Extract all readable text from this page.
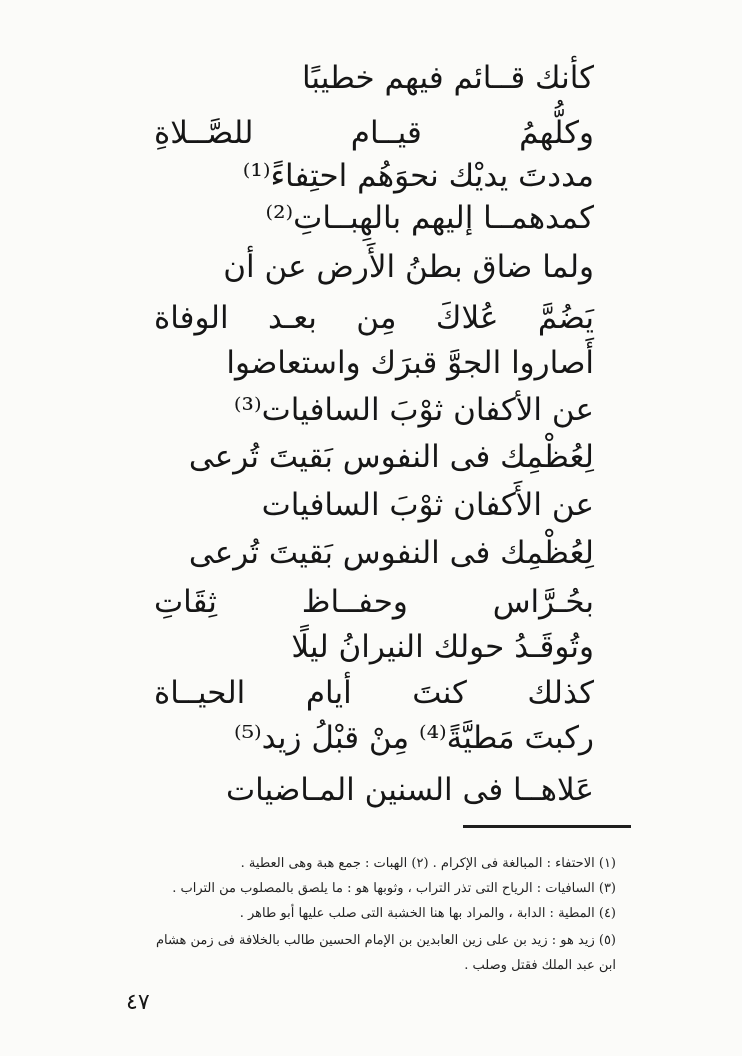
كأنك قــائم فيهم خطيبًا
وكلُّهمُ قيــام للصَّــلاةِ
مددتَ يديْك نحوَهُم احتِفاءً⁽¹⁾
كمدهمــا إليهم بالهِبــاتِ⁽²⁾
ولما ضاق بطنُ الأَرض عن أن
يَضُمَّ عُلاكَ مِن بعـد الوفاة
أَصاروا الجوَّ قبرَك واستعاضوا
عن الأكفان ثوْبَ السافيات⁽³⁾
لِعُظْمِك فى النفوس بَقيتَ تُرعى
عن الأَكفان ثوْبَ السافيات
لِعُظْمِك فى النفوس بَقيتَ تُرعى
بحُـرَّاس وحفــاظ ثِقَاتِ
وتُوقَـدُ حولك النيرانُ ليلًا
كذلك كنتَ أيام الحيــاة
ركبتَ مَطيَّةً⁽⁴⁾ مِنْ قبْلُ زيد⁽⁵⁾
عَلاهــا فى السنين المـاضيات
(١) الاحتفاء : المبالغة فى الإكرام . (٢) الهبات : جمع هبة وهى العطية .
(٣) السافيات : الرياح التى تذر التراب ، وثوبها هو : ما يلصق بالمصلوب من التراب .
(٤) المطية : الدابة ، والمراد بها هنا الخشبة التى صلب عليها أبو طاهر .
(٥) زيد هو : زيد بن على زين العابدين بن الإمام الحسين طالب بالخلافة فى زمن هشام
ابن عبد الملك فقتل وصلب .
٤٧
